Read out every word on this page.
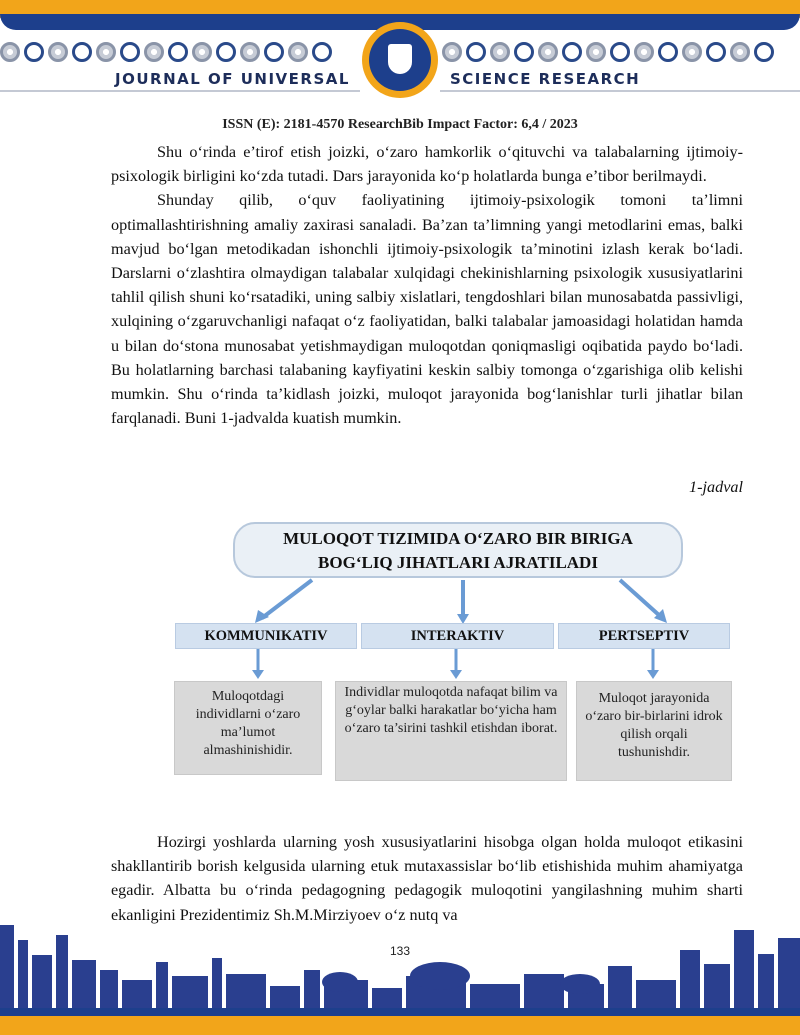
JOURNAL OF UNIVERSAL	SCIENCE RESEARCH
ISSN (E): 2181-4570 ResearchBib Impact Factor: 6,4 / 2023

Shu o‘rinda e’tirof etish joizki, o‘zaro hamkorlik o‘qituvchi va talabalarning ijtimoiy-psixologik birligini ko‘zda tutadi. Dars jarayonida ko‘p holatlarda bunga e’tibor berilmaydi.

Shunday qilib, o‘quv faoliyatining ijtimoiy-psixologik tomoni ta’limni optimallashtirishning amaliy zaxirasi sanaladi. Ba’zan ta’limning yangi metodlarini emas, balki mavjud bo‘lgan metodikadan ishonchli ijtimoiy-psixologik ta’minotini izlash kerak bo‘ladi. Darslarni o‘zlashtira olmaydigan talabalar xulqidagi chekinishlarning psixologik xususiyatlarini tahlil qilish shuni ko‘rsatadiki, uning salbiy xislatlari, tengdoshlari bilan munosabatda passivligi, xulqining o‘zgaruvchanligi nafaqat o‘z faoliyatidan, balki talabalar jamoasidagi holatidan hamda u bilan do‘stona munosabat yetishmaydigan muloqotdan qoniqmasligi oqibatida paydo bo‘ladi. Bu holatlarning barchasi talabaning kayfiyatini keskin salbiy tomonga o‘zgarishiga olib kelishi mumkin. Shu o‘rinda ta’kidlash joizki, muloqot jarayonida bog‘lanishlar turli jihatlar bilan farqlanadi. Buni 1-jadvalda kuatish mumkin.

1-jadval
MULOQOT TIZIMIDA O‘ZARO BIR BIRIGA
BOG‘LIQ JIHATLARI AJRATILADI
KOMMUNIKATIV	INTERAKTIV	PERTSEPTIV
Muloqotdagi individlarni o‘zaro ma’lumot almashinishidir.
Individlar muloqotda nafaqat bilim va g‘oylar balki harakatlar bo‘yicha ham o‘zaro ta’sirini tashkil etishdan iborat.
Muloqot jarayonida o‘zaro bir-birlarini idrok qilish orqali tushunishdir.

Hozirgi yoshlarda ularning yosh xususiyatlarini hisobga olgan holda muloqot etikasini shakllantirib borish kelgusida ularning etuk mutaxassislar bo‘lib etishishida muhim ahamiyatga egadir. Albatta bu o‘rinda pedagogning pedagogik muloqotini yangilashning muhim sharti ekanligini Prezidentimiz Sh.M.Mirziyoev o‘z nutq va

133
